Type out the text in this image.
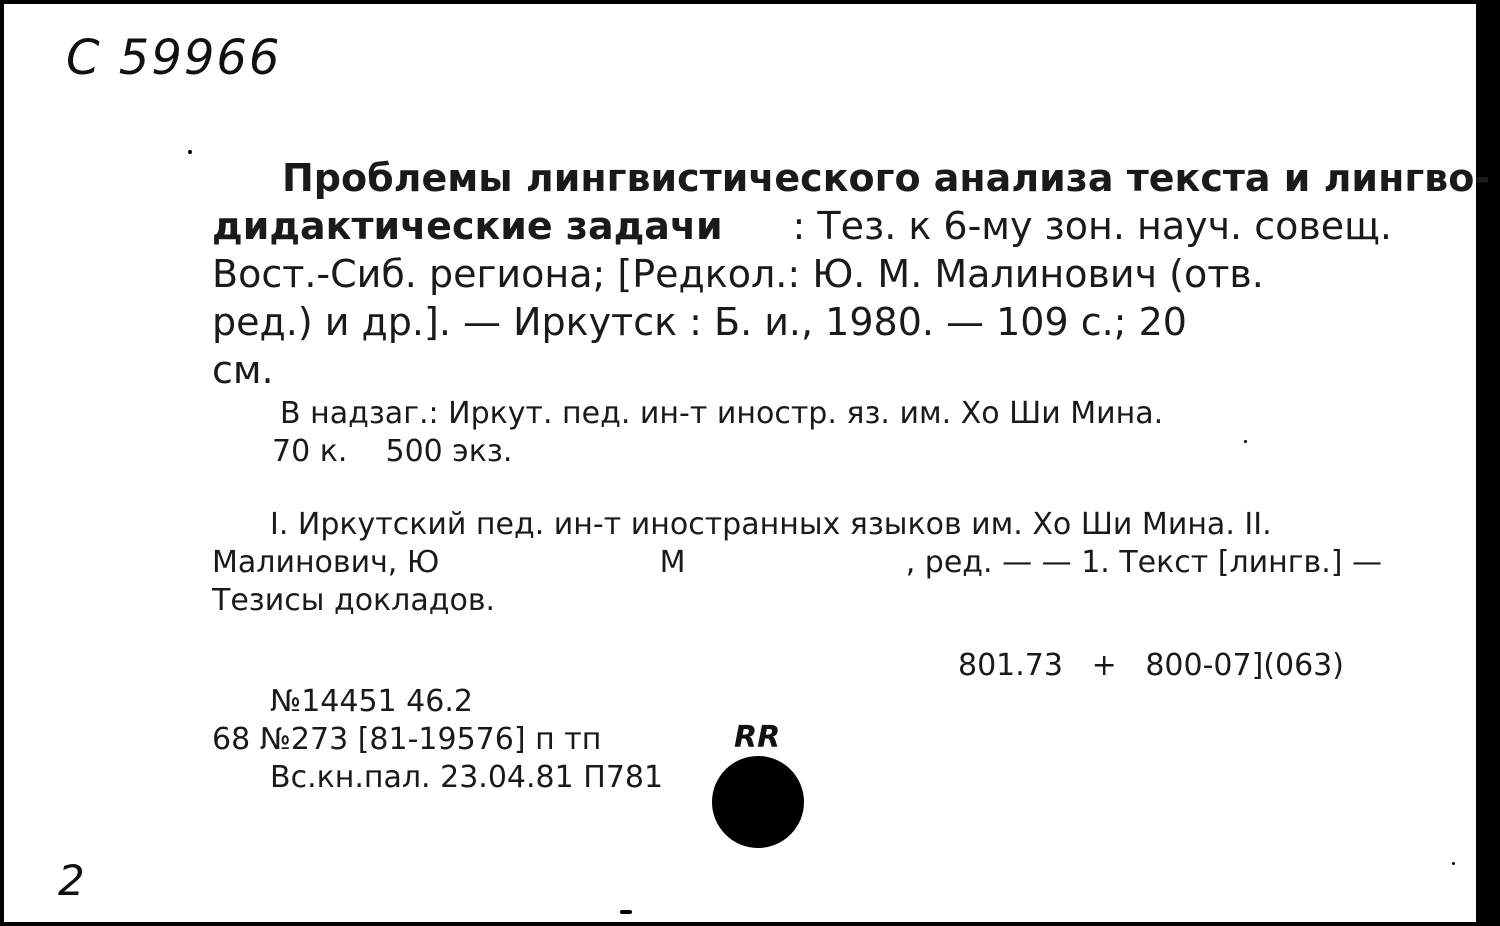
С 59966
Проблемы лингвистического анализа текста и лингво-
дидактические задачи : Тез. к 6-му зон. науч. совещ.
Вост.-Сиб. региона; [Редкол.: Ю. М. Малинович (отв.
ред.) и др.]. — Иркутск : Б. и., 1980. — 109 с.; 20
см.
В надзаг.: Иркут. пед. ин-т иностр. яз. им. Хо Ши Мина.
70 к.    500 экз.
I. Иркутский пед. ин-т иностранных языков им. Хо Ши Мина. II.
Малинович, Ю	М	, ред. — — 1. Текст [лингв.] —
Тезисы докладов.
801.73   +   800-07](063)
№14451 46.2
68 №273 [81-19576] п тп
Вс.кн.пал. 23.04.81 П781
RR
2
